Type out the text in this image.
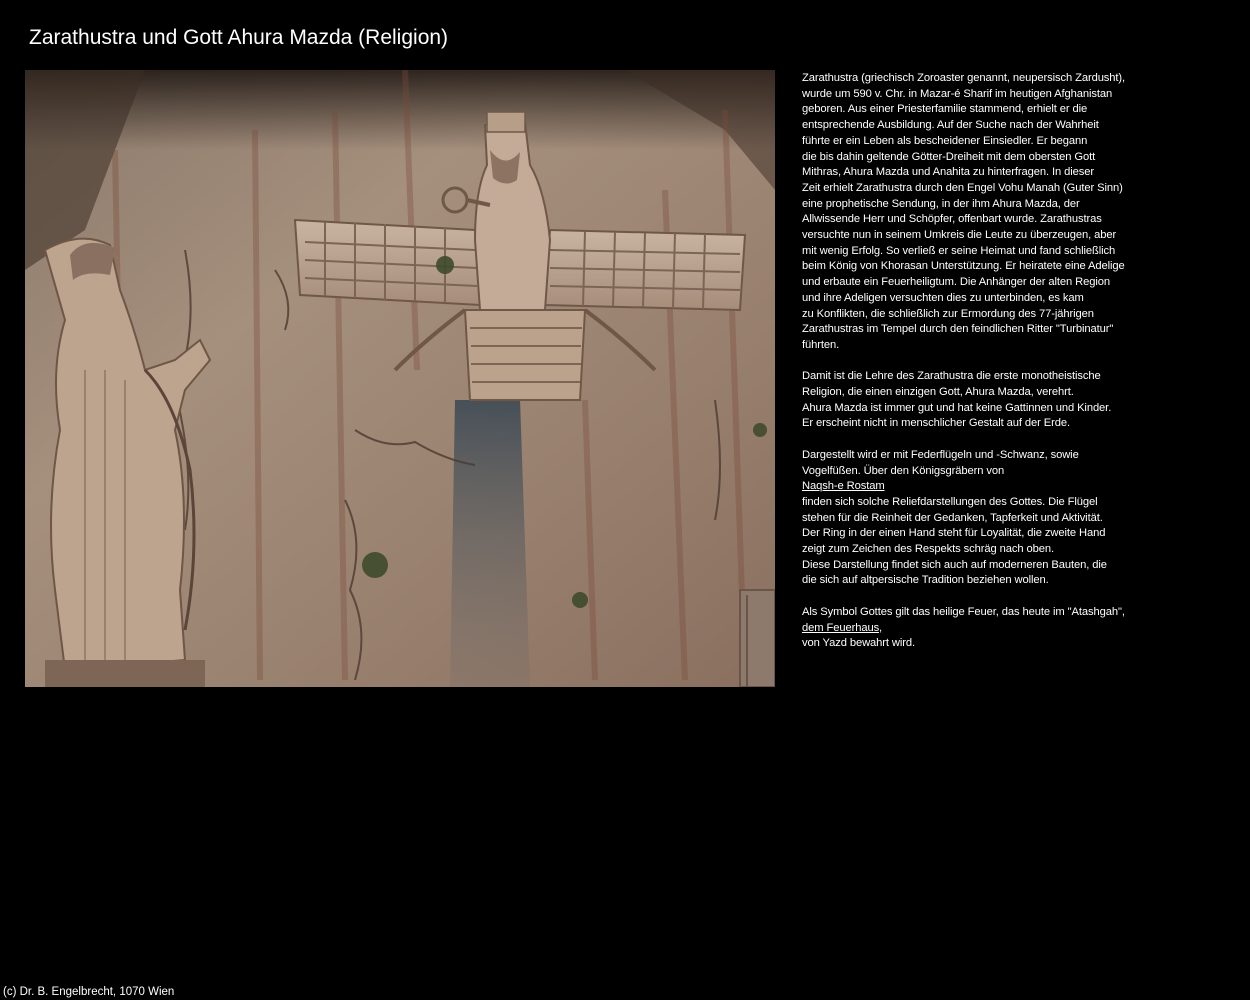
Zarathustra und Gott Ahura Mazda (Religion)
Zarathustra (griechisch Zoroaster genannt, neupersisch Zardusht),
wurde um 590 v. Chr. in Mazar-é Sharif im heutigen Afghanistan
geboren. Aus einer Priesterfamilie stammend, erhielt er die
entsprechende Ausbildung. Auf der Suche nach der Wahrheit
führte er ein Leben als bescheidener Einsiedler. Er begann
die bis dahin geltende Götter-Dreiheit mit dem obersten Gott
Mithras, Ahura Mazda und Anahita zu hinterfragen. In dieser
Zeit erhielt Zarathustra durch den Engel Vohu Manah (Guter Sinn)
eine prophetische Sendung, in der ihm Ahura Mazda, der
Allwissende Herr und Schöpfer, offenbart wurde. Zarathustras
versuchte nun in seinem Umkreis die Leute zu überzeugen, aber
mit wenig Erfolg. So verließ er seine Heimat und fand schließlich
beim König von Khorasan Unterstützung. Er heiratete eine Adelige
und erbaute ein Feuerheiligtum. Die Anhänger der alten Region
und ihre Adeligen versuchten dies zu unterbinden, es kam
zu Konflikten, die schließlich zur Ermordung des 77-jährigen
Zarathustras im Tempel durch den feindlichen Ritter "Turbinatur"
führten.
Damit ist die Lehre des Zarathustra die erste monotheistische
Religion, die einen einzigen Gott, Ahura Mazda, verehrt.
Ahura Mazda ist immer gut und hat keine Gattinnen und Kinder.
Er erscheint nicht in menschlicher Gestalt auf der Erde.
Dargestellt wird er mit Federflügeln und -Schwanz, sowie
Vogelfüßen. Über den Königsgräbern von
Naqsh-e Rostam
finden sich solche Reliefdarstellungen des Gottes. Die Flügel
stehen für die Reinheit der Gedanken, Tapferkeit und Aktivität.
Der Ring in der einen Hand steht für Loyalität, die zweite Hand
zeigt zum Zeichen des Respekts schräg nach oben.
Diese Darstellung findet sich auch auf moderneren Bauten, die
die sich auf altpersische Tradition beziehen wollen.
Als Symbol Gottes gilt das heilige Feuer, das heute im "Atashgah",
dem Feuerhaus,
von Yazd bewahrt wird.
(c) Dr. B. Engelbrecht, 1070 Wien
